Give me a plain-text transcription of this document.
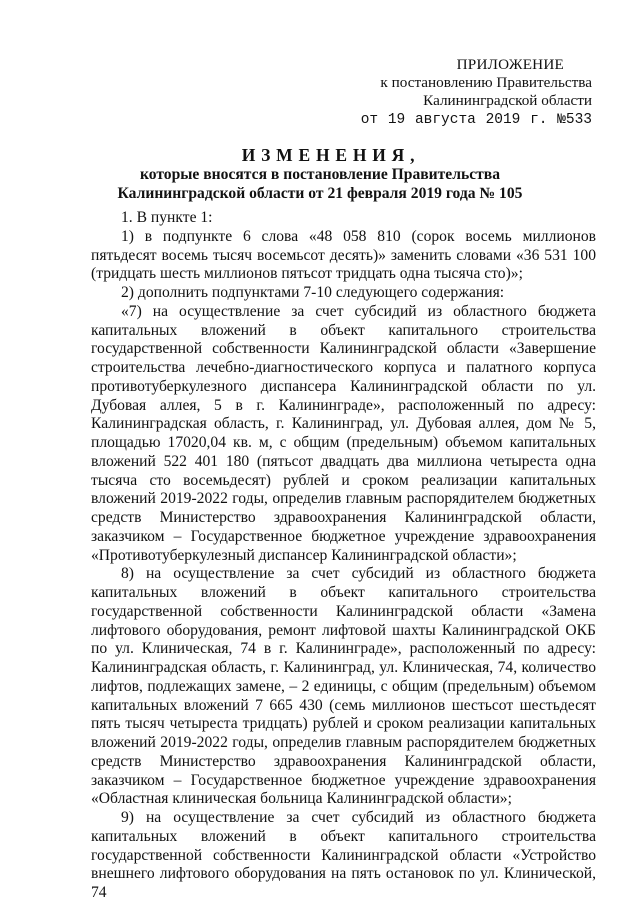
ПРИЛОЖЕНИЕ
к постановлению Правительства
Калининградской области
от 19 августа 2019 г. №533
ИЗМЕНЕНИЯ,
которые вносятся в постановление Правительства
Калининградской области от 21 февраля 2019 года № 105

1. В пункте 1:

1) в подпункте 6 слова «48 058 810 (сорок восемь миллионов пятьдесят восемь тысяч восемьсот десять)» заменить словами «36 531 100 (тридцать шесть миллионов пятьсот тридцать одна тысяча сто)»;

2) дополнить подпунктами 7-10 следующего содержания:

«7) на осуществление за счет субсидий из областного бюджета капитальных вложений в объект капитального строительства государственной собственности Калининградской области «Завершение строительства лечебно-диагностического корпуса и палатного корпуса противотуберкулезного диспансера Калининградской области по ул. Дубовая аллея, 5 в г. Калининграде», расположенный по адресу: Калининградская область, г. Калининград, ул. Дубовая аллея, дом № 5, площадью 17020,04 кв. м, с общим (предельным) объемом капитальных вложений 522 401 180 (пятьсот двадцать два миллиона четыреста одна тысяча сто восемьдесят) рублей и сроком реализации капитальных вложений 2019-2022 годы, определив главным распорядителем бюджетных средств Министерство здравоохранения Калининградской области, заказчиком – Государственное бюджетное учреждение здравоохранения «Противотуберкулезный диспансер Калининградской области»;

8) на осуществление за счет субсидий из областного бюджета капитальных вложений в объект капитального строительства государственной собственности Калининградской области «Замена лифтового оборудования, ремонт лифтовой шахты Калининградской ОКБ по ул. Клиническая, 74 в г. Калининграде», расположенный по адресу: Калининградская область, г. Калининград, ул. Клиническая, 74, количество лифтов, подлежащих замене, – 2 единицы, с общим (предельным) объемом капитальных вложений 7 665 430 (семь миллионов шестьсот шестьдесят пять тысяч четыреста тридцать) рублей и сроком реализации капитальных вложений 2019-2022 годы, определив главным распорядителем бюджетных средств Министерство здравоохранения Калининградской области, заказчиком – Государственное бюджетное учреждение здравоохранения «Областная клиническая больница Калининградской области»;

9) на осуществление за счет субсидий из областного бюджета капитальных вложений в объект капитального строительства государственной собственности Калининградской области «Устройство внешнего лифтового оборудования на пять остановок по ул. Клинической, 74
